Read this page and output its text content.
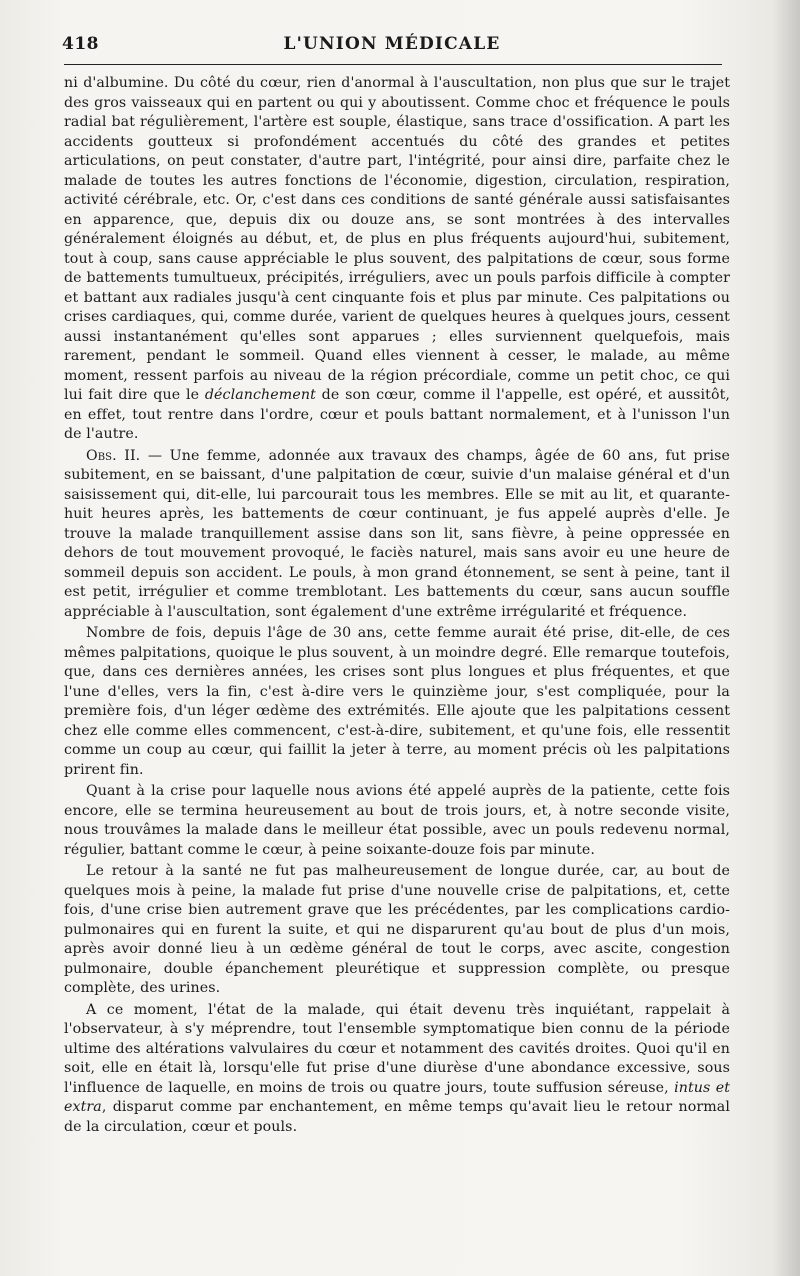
418	L'UNION MÉDICALE

ni d'albumine. Du côté du cœur, rien d'anormal à l'auscultation, non plus que sur le trajet des gros vaisseaux qui en partent ou qui y aboutissent. Comme choc et fréquence le pouls radial bat régulièrement, l'artère est souple, élastique, sans trace d'ossification. A part les accidents goutteux si profondément accentués du côté des grandes et petites articulations, on peut constater, d'autre part, l'intégrité, pour ainsi dire, parfaite chez le malade de toutes les autres fonctions de l'économie, digestion, circulation, respiration, activité cérébrale, etc. Or, c'est dans ces conditions de santé générale aussi satisfaisantes en apparence, que, depuis dix ou douze ans, se sont montrées à des intervalles généralement éloignés au début, et, de plus en plus fréquents aujourd'hui, subitement, tout à coup, sans cause appréciable le plus souvent, des palpitations de cœur, sous forme de battements tumultueux, précipités, irréguliers, avec un pouls parfois difficile à compter et battant aux radiales jusqu'à cent cinquante fois et plus par minute. Ces palpitations ou crises cardiaques, qui, comme durée, varient de quelques heures à quelques jours, cessent aussi instantanément qu'elles sont apparues ; elles surviennent quelquefois, mais rarement, pendant le sommeil. Quand elles viennent à cesser, le malade, au même moment, ressent parfois au niveau de la région précordiale, comme un petit choc, ce qui lui fait dire que le déclanchement de son cœur, comme il l'appelle, est opéré, et aussitôt, en effet, tout rentre dans l'ordre, cœur et pouls battant normalement, et à l'unisson l'un de l'autre.

Obs. II. — Une femme, adonnée aux travaux des champs, âgée de 60 ans, fut prise subitement, en se baissant, d'une palpitation de cœur, suivie d'un malaise général et d'un saisissement qui, dit-elle, lui parcourait tous les membres. Elle se mit au lit, et quarante-huit heures après, les battements de cœur continuant, je fus appelé auprès d'elle. Je trouve la malade tranquillement assise dans son lit, sans fièvre, à peine oppressée en dehors de tout mouvement provoqué, le faciès naturel, mais sans avoir eu une heure de sommeil depuis son accident. Le pouls, à mon grand étonnement, se sent à peine, tant il est petit, irrégulier et comme tremblotant. Les battements du cœur, sans aucun souffle appréciable à l'auscultation, sont également d'une extrême irrégularité et fréquence.

Nombre de fois, depuis l'âge de 30 ans, cette femme aurait été prise, dit-elle, de ces mêmes palpitations, quoique le plus souvent, à un moindre degré. Elle remarque toutefois, que, dans ces dernières années, les crises sont plus longues et plus fréquentes, et que l'une d'elles, vers la fin, c'est à-dire vers le quinzième jour, s'est compliquée, pour la première fois, d'un léger œdème des extrémités. Elle ajoute que les palpitations cessent chez elle comme elles commencent, c'est-à-dire, subitement, et qu'une fois, elle ressentit comme un coup au cœur, qui faillit la jeter à terre, au moment précis où les palpitations prirent fin.

Quant à la crise pour laquelle nous avions été appelé auprès de la patiente, cette fois encore, elle se termina heureusement au bout de trois jours, et, à notre seconde visite, nous trouvâmes la malade dans le meilleur état possible, avec un pouls redevenu normal, régulier, battant comme le cœur, à peine soixante-douze fois par minute.

Le retour à la santé ne fut pas malheureusement de longue durée, car, au bout de quelques mois à peine, la malade fut prise d'une nouvelle crise de palpitations, et, cette fois, d'une crise bien autrement grave que les précédentes, par les complications cardio-pulmonaires qui en furent la suite, et qui ne disparurent qu'au bout de plus d'un mois, après avoir donné lieu à un œdème général de tout le corps, avec ascite, congestion pulmonaire, double épanchement pleurétique et suppression complète, ou presque complète, des urines.

A ce moment, l'état de la malade, qui était devenu très inquiétant, rappelait à l'observateur, à s'y méprendre, tout l'ensemble symptomatique bien connu de la période ultime des altérations valvulaires du cœur et notamment des cavités droites. Quoi qu'il en soit, elle en était là, lorsqu'elle fut prise d'une diurèse d'une abondance excessive, sous l'influence de laquelle, en moins de trois ou quatre jours, toute suffusion séreuse, intus et extra, disparut comme par enchantement, en même temps qu'avait lieu le retour normal de la circulation, cœur et pouls.
